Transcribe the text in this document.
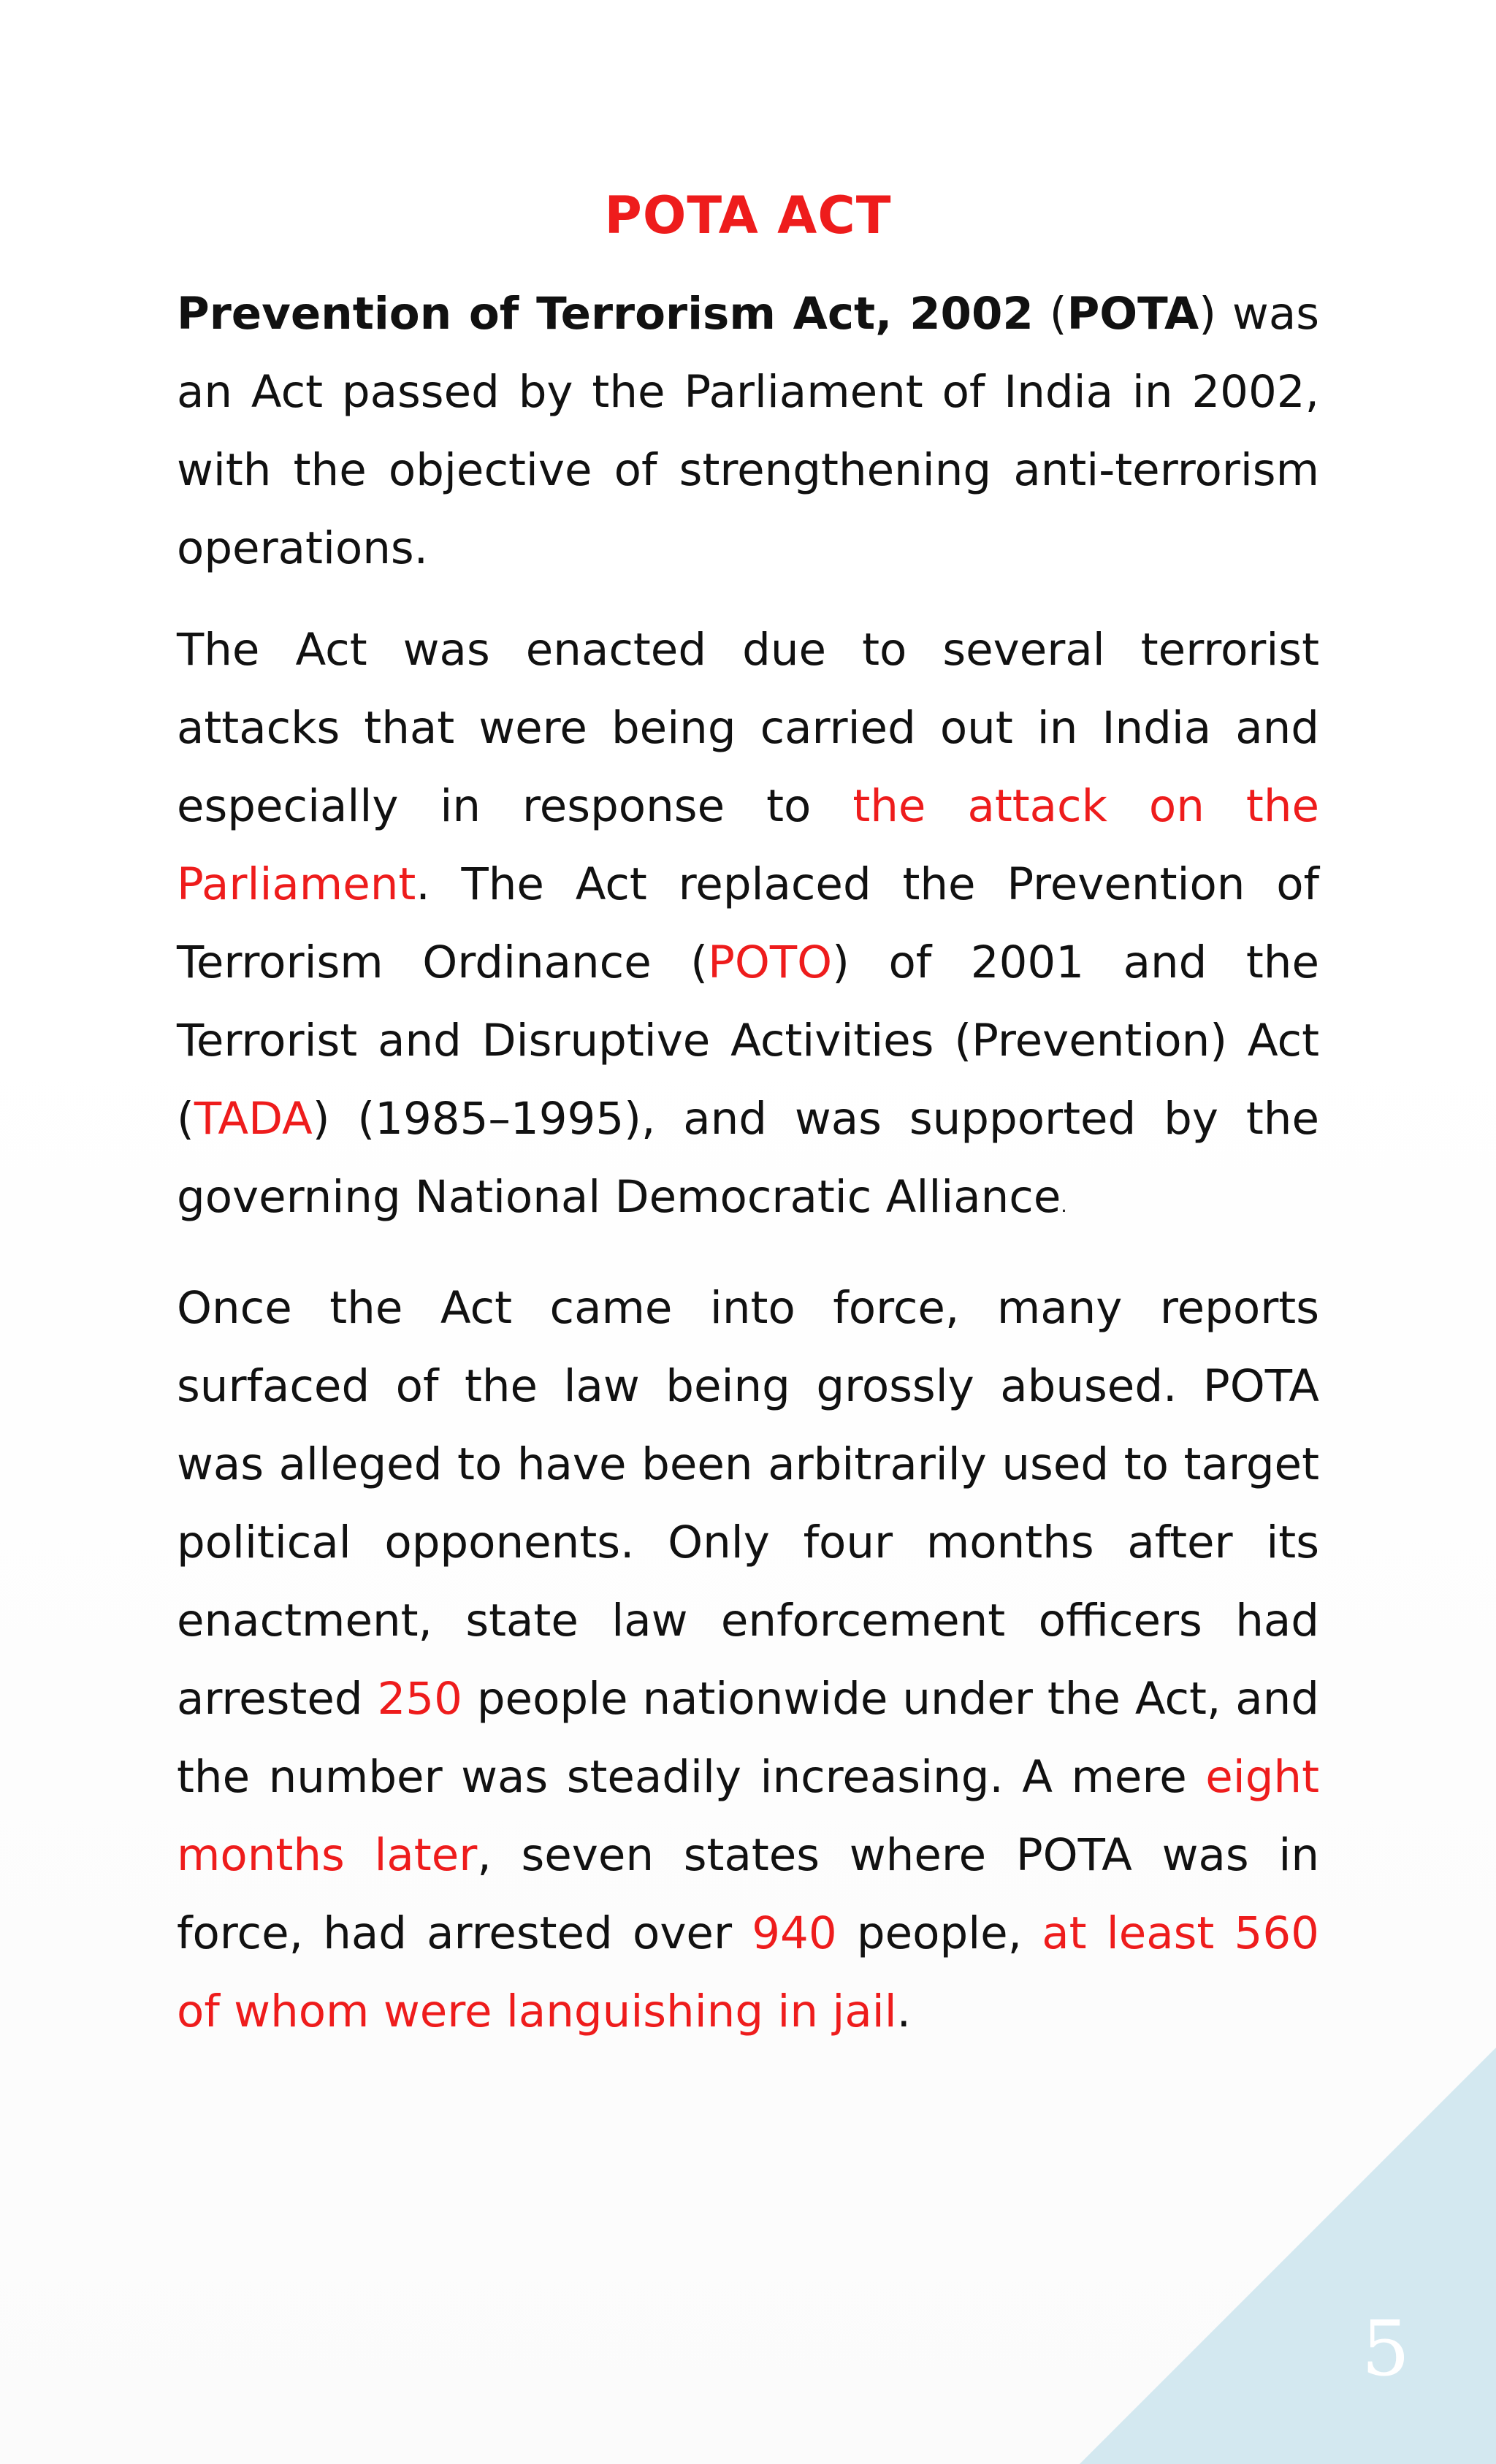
5
POTA ACT

Prevention of Terrorism Act, 2002 (POTA) was an Act passed by the Parliament of India in 2002, with the objective of strengthening anti-terrorism operations.

The Act was enacted due to several terrorist attacks that were being carried out in India and especially in response to the attack on the Parliament. The Act replaced the Prevention of Terrorism Ordinance (POTO) of 2001 and the Terrorist and Disruptive Activities (Prevention) Act (TADA) (1985–1995), and was supported by the governing National Democratic Alliance.

Once the Act came into force, many reports surfaced of the law being grossly abused. POTA was alleged to have been arbitrarily used to target political opponents. Only four months after its enactment, state law enforcement officers had arrested 250 people nationwide under the Act, and the number was steadily increasing. A mere eight months later, seven states where POTA was in force, had arrested over 940 people, at least 560 of whom were languishing in jail.
